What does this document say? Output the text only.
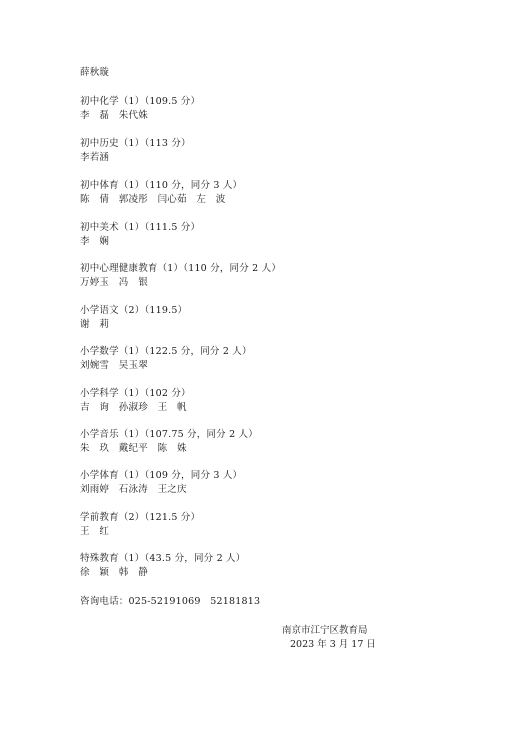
薛秋璇
初中化学（1）（109.5 分）
李　磊　朱代姝
初中历史（1）（113 分）
李若涵
初中体育（1）（110 分，同分 3 人）
陈　倩　郭凌彤　闫心茹　左　波
初中美术（1）（111.5 分）
李　娴
初中心理健康教育（1）（110 分，同分 2 人）
万婷玉　冯　银
小学语文（2）（119.5）
谢　莉
小学数学（1）（122.5 分，同分 2 人）
刘婉雪　吴玉翠
小学科学（1）（102 分）
吉　询　孙淑珍　王　帆
小学音乐（1）（107.75 分，同分 2 人）
朱　玖　戴纪平　陈　姝
小学体育（1）（109 分，同分 3 人）
刘雨婷　石泳涛　王之庆
学前教育（2）（121.5 分）
王　红
特殊教育（1）（43.5 分，同分 2 人）
徐　颖　韩　静
咨询电话：025-52191069　52181813
南京市江宁区教育局
2023 年 3 月 17 日
